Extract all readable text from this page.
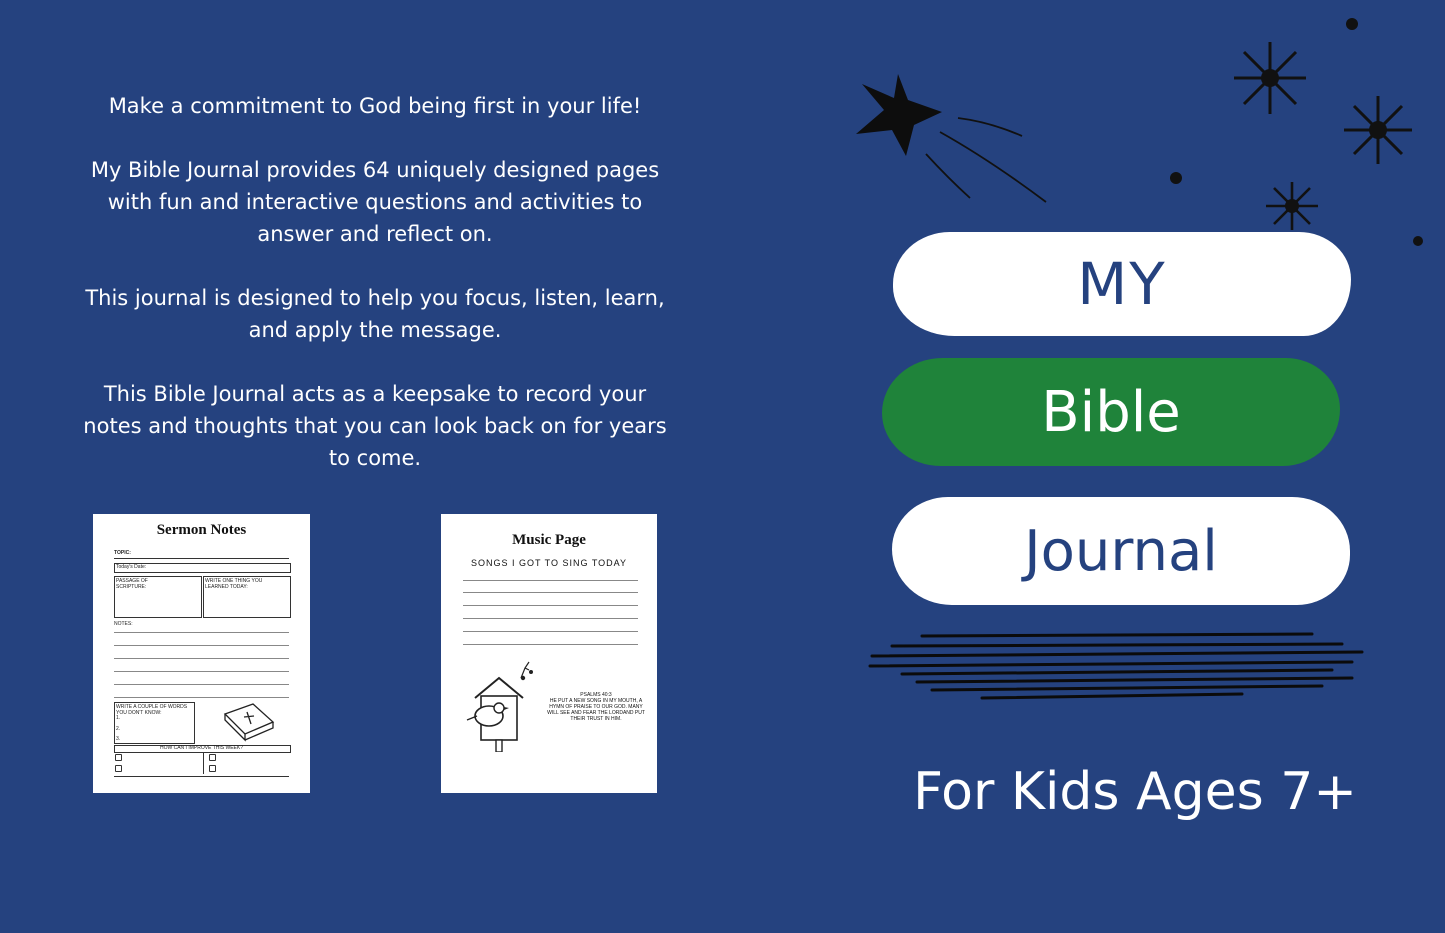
Make a commitment to God being first in your life!

My Bible Journal provides 64 uniquely designed pages with fun and interactive questions and activities to answer and reflect on.

This journal is designed to help you focus, listen, learn, and apply the message.

This Bible Journal acts as a keepsake to record your notes and thoughts that you can look back on for years to come.

Sermon Notes
TOPIC:
Today's Date:
PASSAGE OF SCRIPTURE:
WRITE ONE THING YOU LEARNED TODAY:
NOTES:
WRITE A COUPLE OF WORDS YOU DON'T KNOW:
1.
2.
3.
HOW CAN I IMPROVE THIS WEEK?
Music Page
SONGS I GOT TO SING TODAY
PSALMS 40:3
HE PUT A NEW SONG IN MY MOUTH, A HYMN OF PRAISE TO OUR GOD. MANY WILL SEE AND FEAR THE LORDAND PUT THEIR TRUST IN HIM.
MY
Bible
Journal
For Kids Ages 7+
